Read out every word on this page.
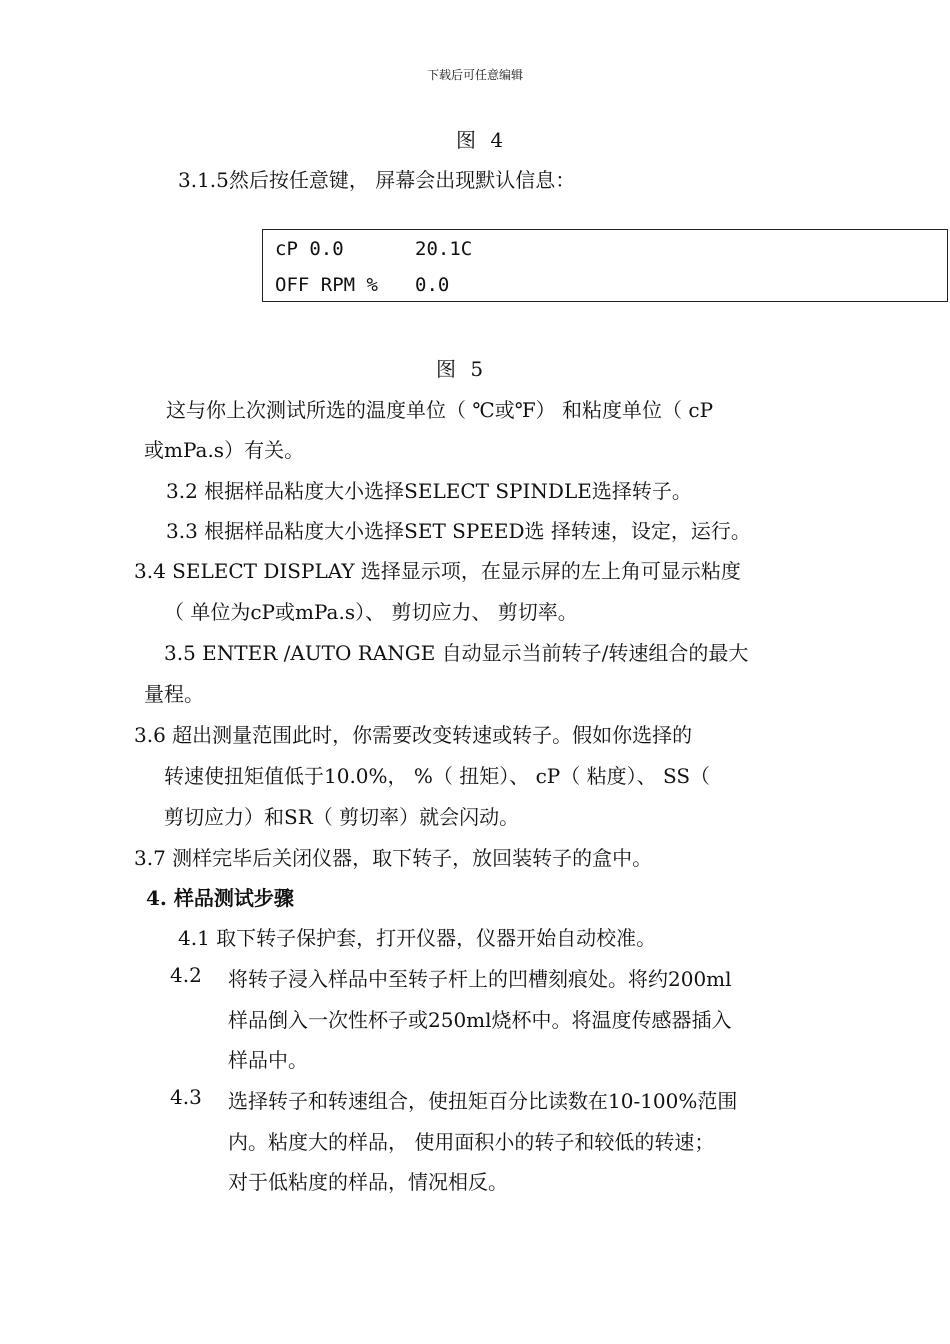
下载后可任意编辑
图 4
3.1.5然后按任意键， 屏幕会出现默认信息：
cP 0.0	20.1C
OFF RPM % 0.0
图 5
这与你上次测试所选的温度单位（ ℃或℉） 和粘度单位（ cP
或mPa.s）有关。
3.2 根据样品粘度大小选择SELECT SPINDLE选择转子。
3.3 根据样品粘度大小选择SET SPEED选 择转速，设定，运行。
3.4 SELECT DISPLAY 选择显示项，在显示屏的左上角可显示粘度
（ 单位为cP或mPa.s）、 剪切应力、 剪切率。
3.5 ENTER /AUTO RANGE 自动显示当前转子/转速组合的最大
量程。
3.6 超出测量范围此时，你需要改变转速或转子。假如你选择的
转速使扭矩值低于10.0%， %（ 扭矩）、 cP（ 粘度）、 SS（
剪切应力）和SR（ 剪切率）就会闪动。
3.7 测样完毕后关闭仪器，取下转子，放回装转子的盒中。
4. 样品测试步骤
4.1 取下转子保护套，打开仪器，仪器开始自动校准。
4.2 将转子浸入样品中至转子杆上的凹槽刻痕处。将约200ml
样品倒入一次性杯子或250ml烧杯中。将温度传感器插入
样品中。
4.3 选择转子和转速组合，使扭矩百分比读数在10-100%范围
内。粘度大的样品， 使用面积小的转子和较低的转速；
对于低粘度的样品，情况相反。
